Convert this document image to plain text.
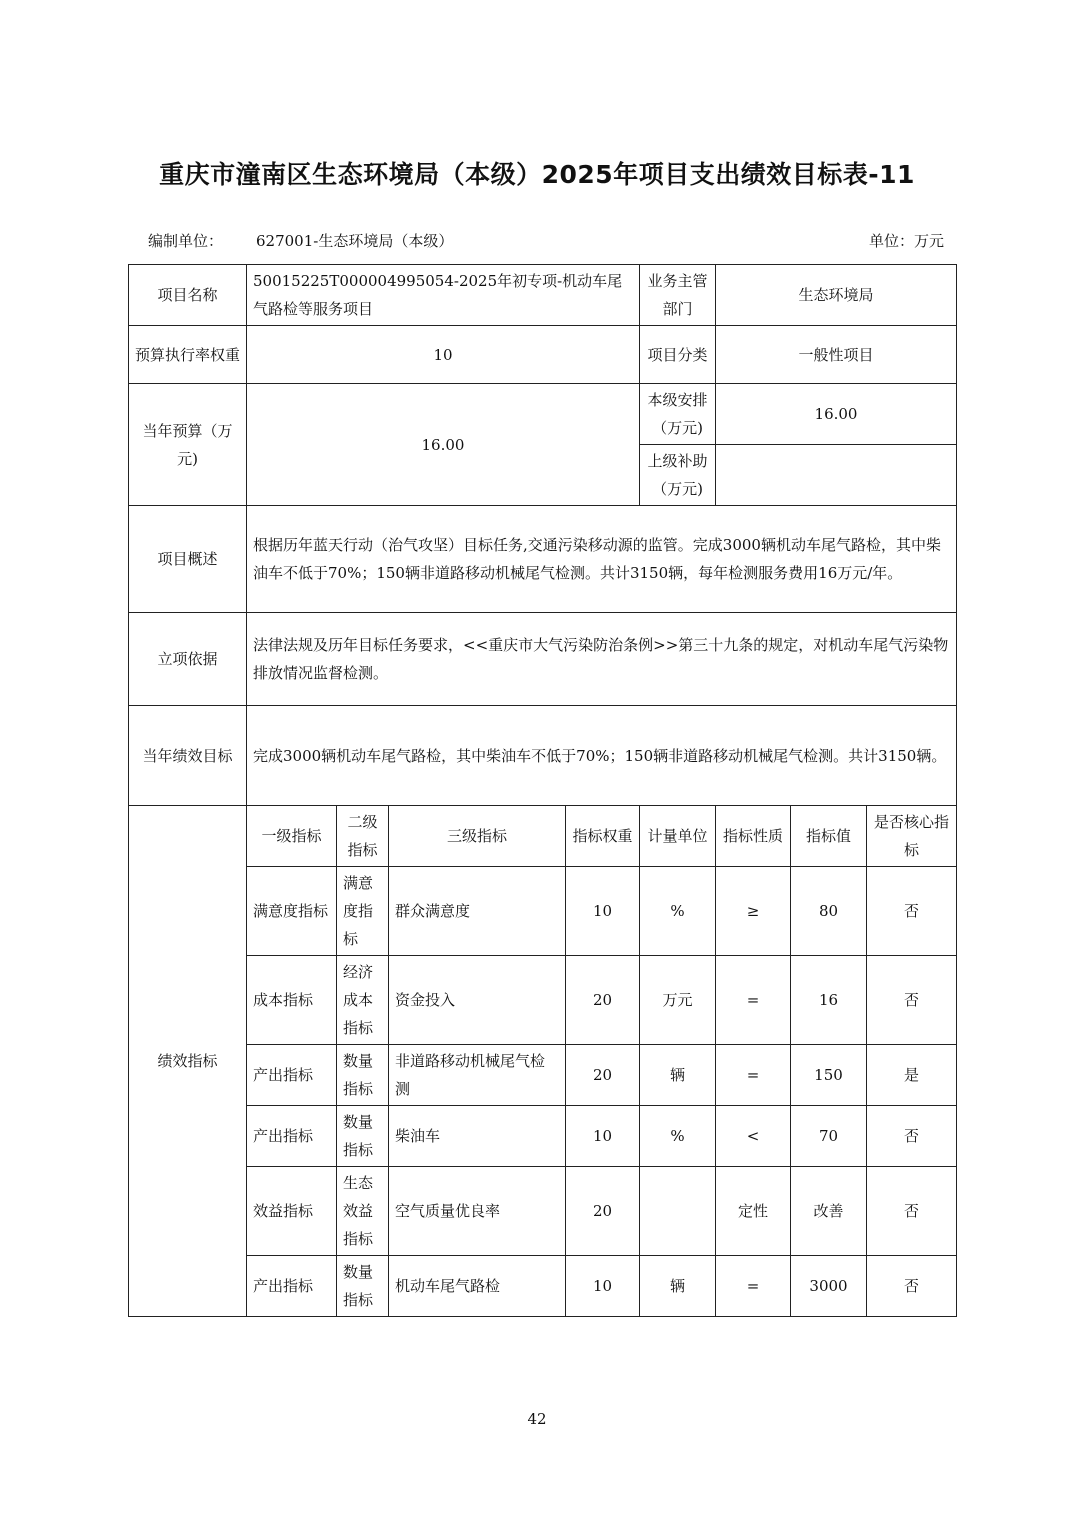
重庆市潼南区生态环境局（本级）2025年项目支出绩效目标表-11
编制单位： 627001-生态环境局（本级）	单位：万元
项目名称	50015225T000004995054-2025年初专项-机动车尾气路检等服务项目				业务主管部门	生态环境局		
预算执行率权重	10				项目分类	一般性项目		
当年预算（万元)	16.00				本级安排（万元)	16.00		
					上级补助（万元)			
项目概述	根据历年蓝天行动（治气攻坚）目标任务,交通污染移动源的监管。完成3000辆机动车尾气路检，其中柴油车不低于70%；150辆非道路移动机械尾气检测。共计3150辆，每年检测服务费用16万元/年。							
立项依据	法律法规及历年目标任务要求，<<重庆市大气污染防治条例>>第三十九条的规定，对机动车尾气污染物排放情况监督检测。							
当年绩效目标	完成3000辆机动车尾气路检，其中柴油车不低于70%；150辆非道路移动机械尾气检测。共计3150辆。							
绩效指标	一级指标	二级指标	三级指标	指标权重	计量单位	指标性质	指标值	是否核心指标
	满意度指标	满意度指标	群众满意度	10	%	≥	80	否
	成本指标	经济成本指标	资金投入	20	万元	=	16	否
	产出指标	数量指标	非道路移动机械尾气检测	20	辆	=	150	是
	产出指标	数量指标	柴油车	10	%	<	70	否
	效益指标	生态效益指标	空气质量优良率	20		定性	改善	否
	产出指标	数量指标	机动车尾气路检	10	辆	=	3000	否
42
